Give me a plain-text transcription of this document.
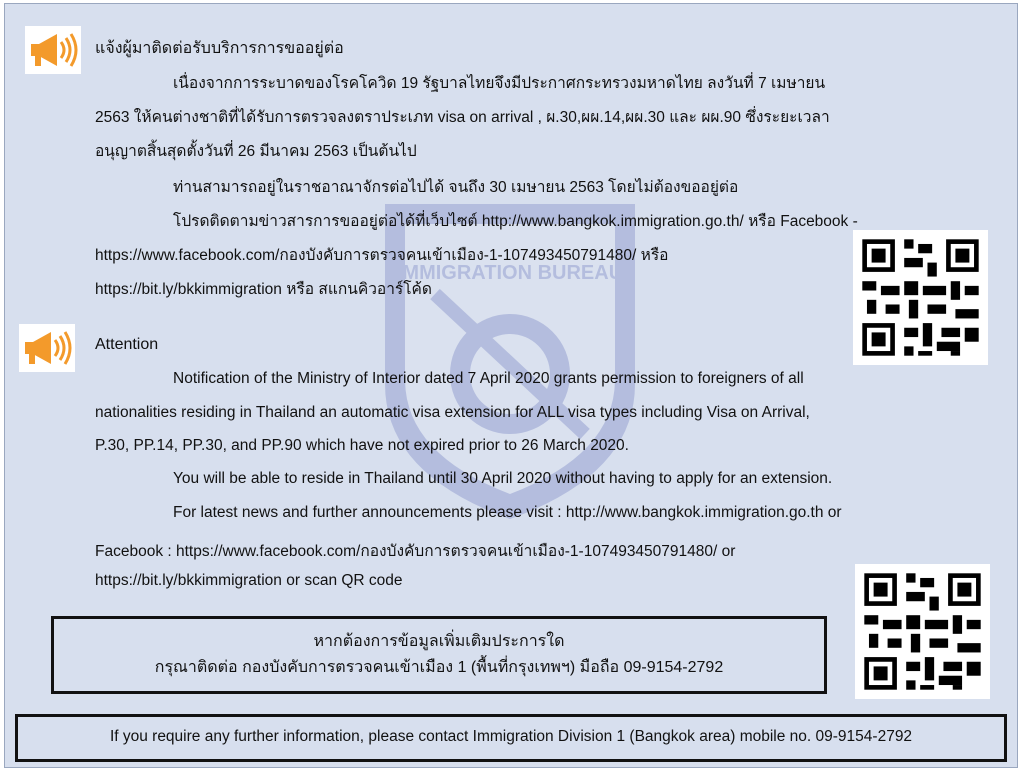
IMMIGRATION BUREAU
แจ้งผู้มาติดต่อรับบริการการขออยู่ต่อ
เนื่องจากการระบาดของโรคโควิด 19 รัฐบาลไทยจึงมีประกาศกระทรวงมหาดไทย ลงวันที่ 7 เมษายน
2563 ให้คนต่างชาติที่ได้รับการตรวจลงตราประเภท visa on arrival , ผ.30,ผผ.14,ผผ.30 และ ผผ.90 ซึ่งระยะเวลา
อนุญาตสิ้นสุดตั้งวันที่ 26 มีนาคม 2563 เป็นต้นไป
ท่านสามารถอยู่ในราชอาณาจักรต่อไปได้ จนถึง 30 เมษายน 2563 โดยไม่ต้องขออยู่ต่อ
โปรดติดตามข่าวสารการขออยู่ต่อได้ที่เว็บไซต์ http://www.bangkok.immigration.go.th/ หรือ Facebook -
https://www.facebook.com/กองบังคับการตรวจคนเข้าเมือง-1-107493450791480/ หรือ
https://bit.ly/bkkimmigration หรือ สแกนคิวอาร์โค้ด
Attention
Notification of the Ministry of Interior dated 7 April 2020 grants permission to foreigners of all
nationalities residing in Thailand an automatic visa extension for ALL visa types including Visa on Arrival,
P.30, PP.14, PP.30, and PP.90 which have not expired prior to 26 March 2020.
You will be able to reside in Thailand until 30 April 2020 without having to apply for an extension.
For latest news and further announcements please visit : http://www.bangkok.immigration.go.th or
Facebook : https://www.facebook.com/กองบังคับการตรวจคนเข้าเมือง-1-107493450791480/ or
https://bit.ly/bkkimmigration or scan QR code
หากต้องการข้อมูลเพิ่มเติมประการใด
กรุณาติดต่อ กองบังคับการตรวจคนเข้าเมือง 1 (พื้นที่กรุงเทพฯ) มือถือ 09-9154-2792
If you require any further information, please contact Immigration Division 1 (Bangkok area) mobile no. 09-9154-2792
